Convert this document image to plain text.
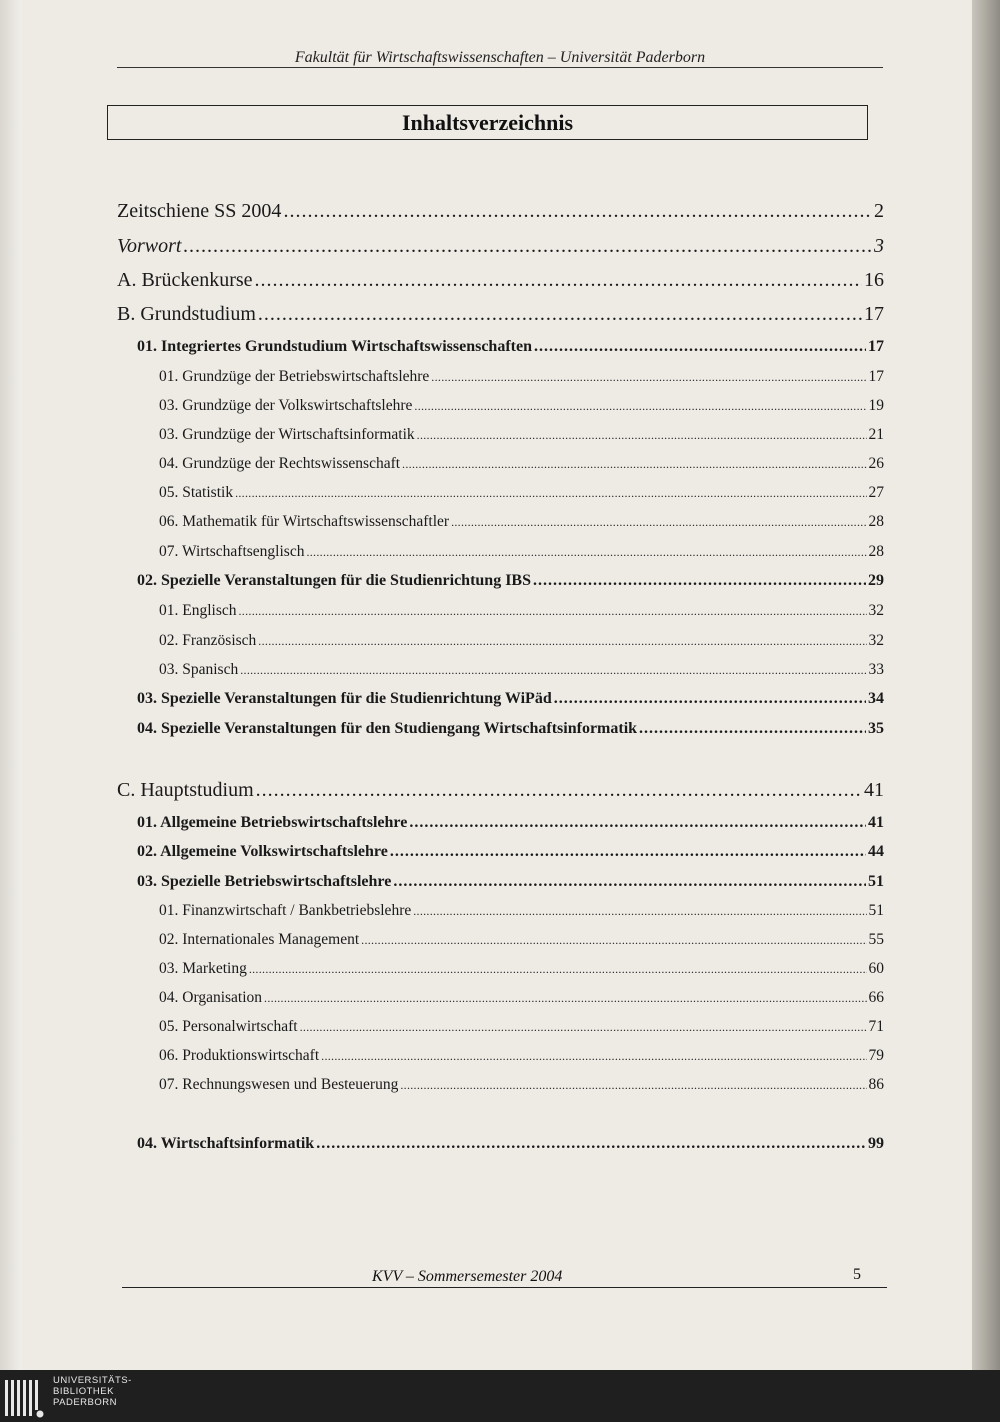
Fakultät für Wirtschaftswissenschaften – Universität Paderborn
Inhaltsverzeichnis
Zeitschiene SS 2004 .....	2
Vorwort .....	3
A. Brückenkurse .....	16
B. Grundstudium .....	17
01. Integriertes Grundstudium Wirtschaftswissenschaften .....	17
01. Grundzüge der Betriebswirtschaftslehre .....	17
03. Grundzüge der Volkswirtschaftslehre .....	19
03. Grundzüge der Wirtschaftsinformatik .....	21
04. Grundzüge der Rechtswissenschaft .....	26
05. Statistik .....	27
06. Mathematik für Wirtschaftswissenschaftler .....	28
07. Wirtschaftsenglisch .....	28
02. Spezielle Veranstaltungen für die Studienrichtung IBS .....	29
01. Englisch .....	32
02. Französisch .....	32
03. Spanisch .....	33
03. Spezielle Veranstaltungen für die Studienrichtung WiPäd .....	34
04. Spezielle Veranstaltungen für den Studiengang Wirtschaftsinformatik .....	35
C. Hauptstudium .....	41
01. Allgemeine Betriebswirtschaftslehre .....	41
02. Allgemeine Volkswirtschaftslehre .....	44
03. Spezielle Betriebswirtschaftslehre .....	51
01. Finanzwirtschaft / Bankbetriebslehre .....	51
02. Internationales Management .....	55
03. Marketing .....	60
04. Organisation .....	66
05. Personalwirtschaft .....	71
06. Produktionswirtschaft .....	79
07. Rechnungswesen und Besteuerung .....	86
04. Wirtschaftsinformatik .....	99
KVV – Sommersemester 2004	5
UNIVERSITÄTS-
BIBLIOTHEK
PADERBORN
